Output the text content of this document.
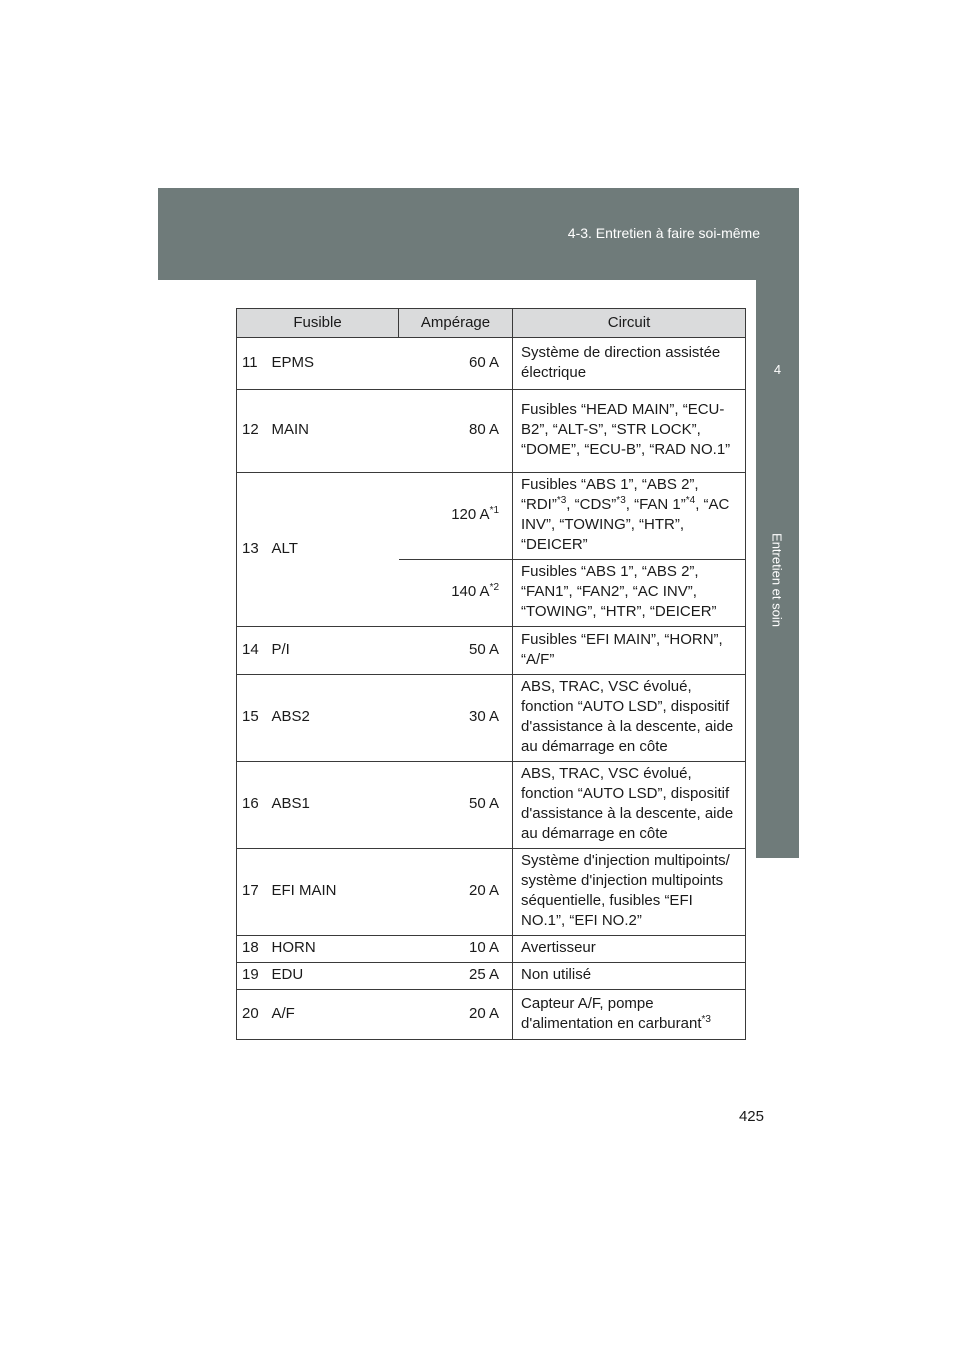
4-3. Entretien à faire soi-même
4
Entretien et soin
Fusible		Ampérage	Circuit
11	EPMS	60 A	Système de direction assistée électrique
12	MAIN	80 A	Fusibles “HEAD MAIN”, “ECU-B2”, “ALT-S”, “STR LOCK”, “DOME”, “ECU-B”, “RAD NO.1”
13	ALT	120 $A^{*1}$	Fusibles “ABS 1”, “ABS 2”, “RDI”$^{*3}$, “CDS”$^{*3}$, “FAN 1”$^{*4}$, “AC INV”, “TOWING”, “HTR”, “DEICER”
		140 $A^{*2}$	Fusibles “ABS 1”, “ABS 2”, “FAN1”, “FAN2”, “AC INV”, “TOWING”, “HTR”, “DEICER”
14	P/I	50 A	Fusibles “EFI MAIN”, “HORN”, “A/F”
15	ABS2	30 A	ABS, TRAC, VSC évolué, fonction “AUTO LSD”, dispositif d'assistance à la descente, aide au démarrage en côte
16	ABS1	50 A	ABS, TRAC, VSC évolué, fonction “AUTO LSD”, dispositif d'assistance à la descente, aide au démarrage en côte
17	EFI MAIN	20 A	Système d'injection multipoints/ système d'injection multipoints séquentielle, fusibles “EFI NO.1”, “EFI NO.2”
18	HORN	10 A	Avertisseur
19	EDU	25 A	Non utilisé
20	A/F	20 A	Capteur A/F, pompe d'alimentation en carburant$^{*3}$
425
